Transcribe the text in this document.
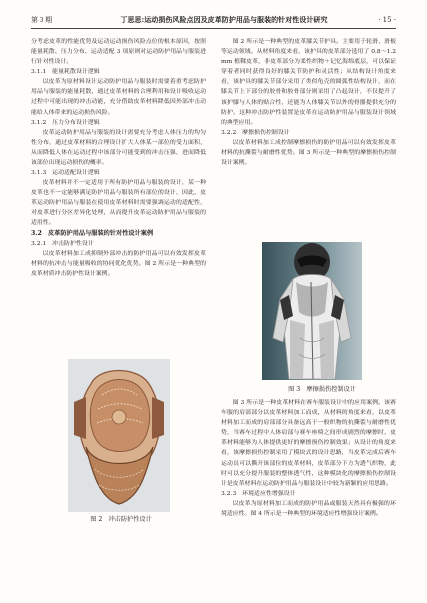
第 3 期	丁思思:运动损伤风险点因及皮革防护用品与服装的针对性设计研究	· 15 ·

分考虑皮革的性能优势及运动运动损伤风险点位的根本原因，按照能量耗散、压力分布、运动适配 3 项原则对运动防护用品与服装进行针对性设计。

3.1.1　能量耗散设计逻辑

以皮革为原材料设计运动防护用品与服装时需要着重考虑防护用品与服装的能量耗散，通过皮革材料的合理利用和设计吸收运动过程中可能出现的冲击动能，充分借助皮革材料降低因外部冲击动能给人体带来的运动损伤风险。

3.1.2　压力分布设计逻辑

皮革运动防护用品与服装的设计需要充分考虑人体压力的均匀性分布，通过皮革材料的合理设计扩大人体某一部位的受力面积，从而降低人体在运动过程中该部分可能受到的冲击压强，进而降低该部位出现运动损伤的概率。

3.1.3　运动适配设计逻辑

皮革材料并不一定适用于所有防护用品与服装的设计，某一种皮革也不一定能够满足防护用品与服装所有部位的设计，因此，皮革运动防护用品与服装在使用皮革材料时需要强调运动的适配性，对皮革进行分区差异化处理，从而提升皮革运动防护用品与服装的适用性。

3.2　皮革防护用品与服装的针对性设计案例

3.2.1　冲击防护性设计

以皮革材料加工成抑制外部冲击的防护用品可以有效发挥皮革材料的抗冲击与能量吸收的协同优化优势。图 2 所示是一种典型的皮革材质冲击防护性设计案例。

图 2　冲击防护性设计

图 2 所示是一种典型的皮革膝关节护具。主要用于轮滑、滑板等运动领域。从材料角度来看，该护具的皮革部分选用了 0.8～1.2 mm 植鞣皮革，非皮革部分为柔性织物＋记忆海绵底层，可以保证穿着者同时获得良好的膝关节防护和灵活性；从结构设计角度来看，该护具的膝关节部分采用了类似龟壳的圆弧性结构设计，而在膝关节上下部分的胶骨和胶骨部分则采用了凸起设计，不仅提升了该护膝与人体的贴合性，还能为人体膝关节以外的骨骼提供充分的防护。这种冲击防护性装置是皮革在运动防护用品与服装设计领域的典型应用。

3.2.2　摩擦损伤控制设计

以皮革材料加工成控制摩擦损伤的防护用品可以有效发挥皮革材料的抗撕裂与耐磨性优势。图 3 所示是一种典型的摩擦损伤控制设计案例。

图 3　摩擦损伤控制设计

图 3 所示是一种皮革材料在赛车服装设计中的应用案例。该赛车服的肩部部分以皮革材料加工而成，从材料的角度来看，以皮革材料加工而成的肩部部分具备远高于一般织物的抗撕裂与耐磨性优势，当赛车过程中人体肩部与赛车座椅之间形成剧烈的摩擦时，皮革材料能够为人体提供更好的摩擦损伤控制效果；从设计的角度来看，该摩擦损伤控制采用了模块式的设计思路，当皮革完成后赛车运动员可以撕开该部位的皮革材料，皮革部分下方为透气织物，此时可以充分提升服装的整体透气性，这种模块化的摩擦损伤控制设计是皮革材料在运动防护用品与服装设计中较为新颖的应用思路。

3.2.3　环境适应性增强设计

以皮革为原材料加工而成的防护用品或服装天然具有极强的环境适应性。图 4 所示是一种典型的环境适应性增强设计案例。
